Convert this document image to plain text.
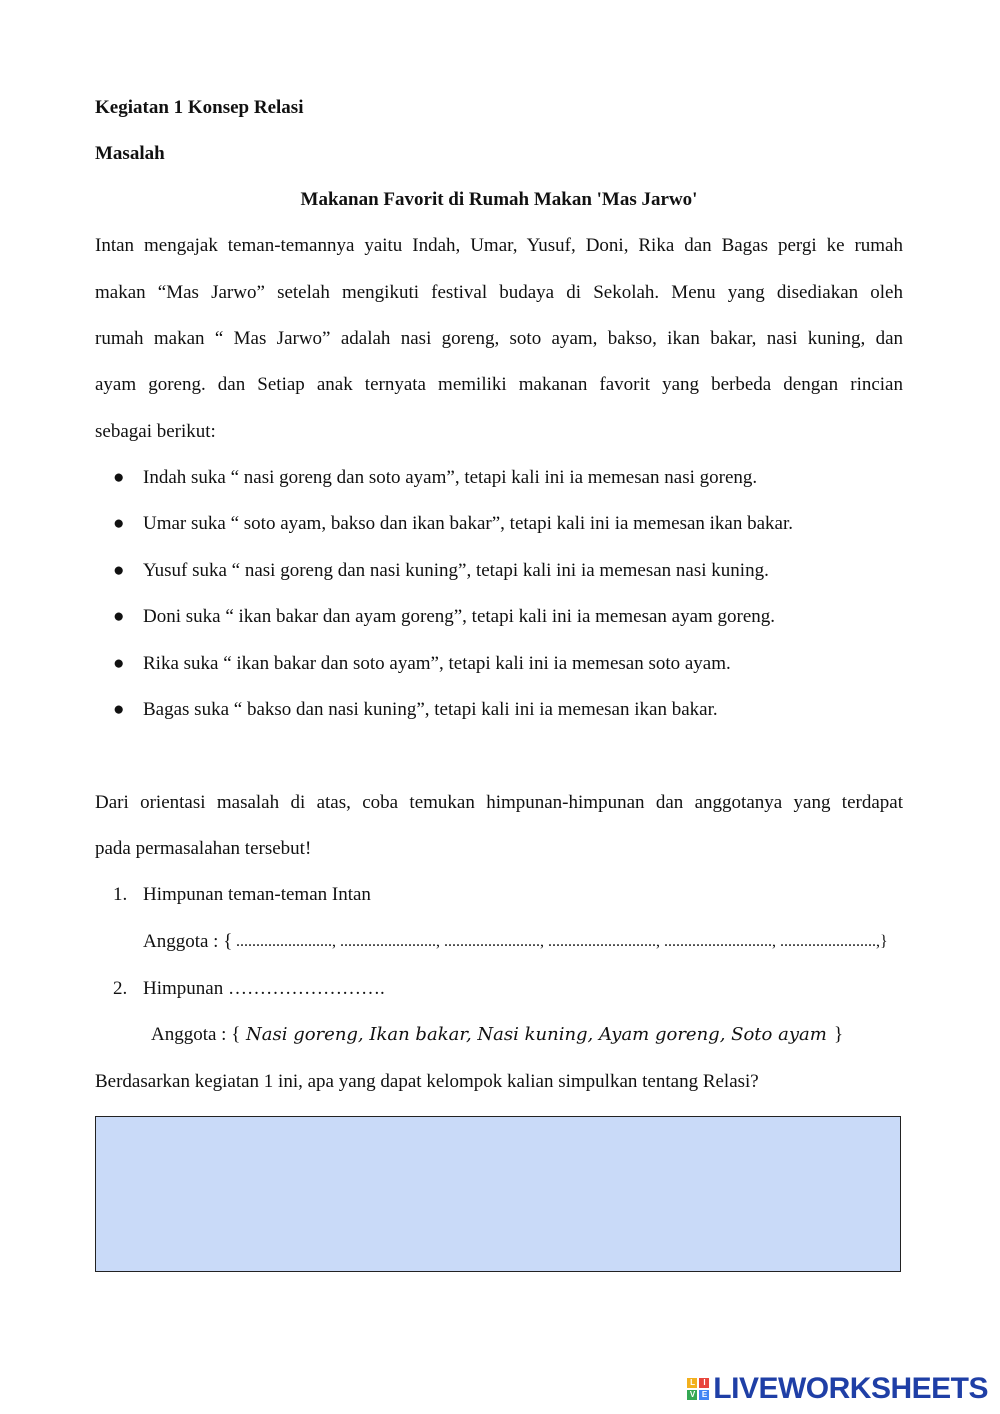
Kegiatan 1 Konsep Relasi
Masalah
Makanan Favorit di Rumah Makan 'Mas Jarwo'
Intan mengajak teman-temannya yaitu Indah, Umar, Yusuf, Doni, Rika dan Bagas pergi ke rumah
makan “Mas Jarwo” setelah mengikuti festival budaya di Sekolah. Menu yang disediakan oleh
rumah makan “ Mas Jarwo” adalah nasi goreng, soto ayam, bakso, ikan bakar, nasi kuning, dan
ayam goreng. dan Setiap anak ternyata memiliki makanan favorit yang berbeda dengan rincian
sebagai berikut:
● Indah suka “ nasi goreng dan soto ayam”, tetapi kali ini ia memesan nasi goreng.
● Umar suka “ soto ayam, bakso dan ikan bakar”, tetapi kali ini ia memesan ikan bakar.
● Yusuf suka “ nasi goreng dan nasi kuning”, tetapi kali ini ia memesan nasi kuning.
● Doni suka “ ikan bakar dan ayam goreng”, tetapi kali ini ia memesan ayam goreng.
● Rika suka “ ikan bakar dan soto ayam”, tetapi kali ini ia memesan soto ayam.
● Bagas suka “ bakso dan nasi kuning”, tetapi kali ini ia memesan ikan bakar.
Dari orientasi masalah di atas, coba temukan himpunan-himpunan dan anggotanya yang terdapat
pada permasalahan tersebut!
1. Himpunan teman-teman Intan
Anggota : { ........................, ........................, ........................, ..........................., ..........................., ........................,}
2. Himpunan …………………….
Anggota : { Nasi goreng, Ikan bakar, Nasi kuning, Ayam goreng, Soto ayam }
Berdasarkan kegiatan 1 ini, apa yang dapat kelompok kalian simpulkan tentang Relasi?
L	I
V E LIVEWORKSHEETS
